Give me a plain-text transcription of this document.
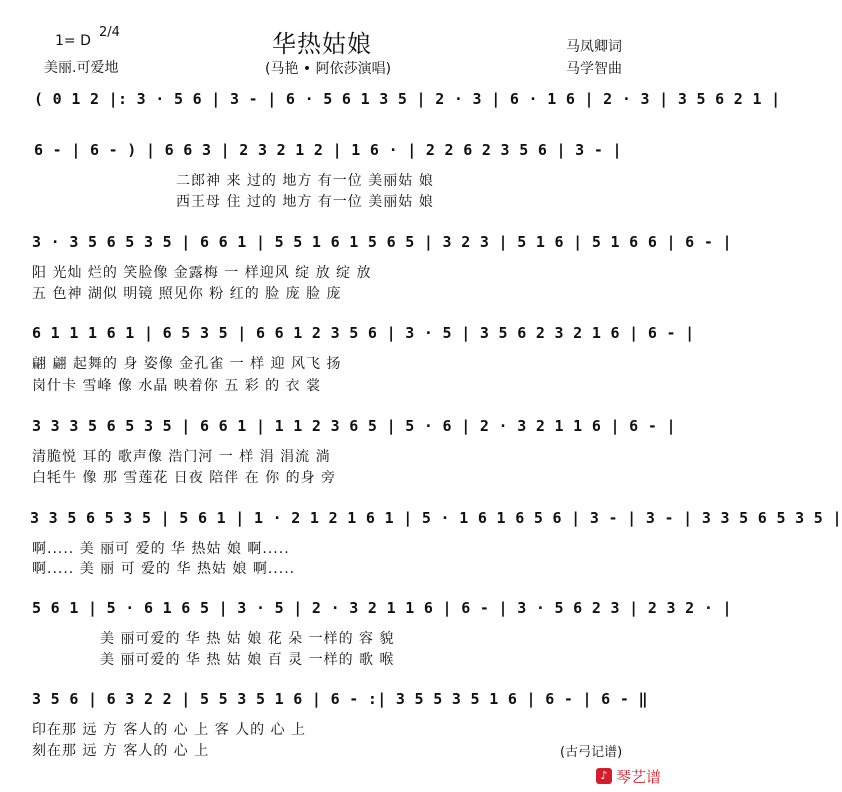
1= D
2/4
美丽.可爱地
华热姑娘
(马艳 • 阿依莎演唱)
马凤卿词
马学智曲
( 0 1 2 |: 3 · 5 6 | 3 - | 6 · 5 6 1 3 5 | 2 · 3 | 6 · 1 6 | 2 · 3 | 3 5 6 2 1 |
6 - | 6 - ) | 6 6 3 | 2 3 2 1 2 | 1 6 · | 2 2 6 2 3 5 6 | 3 - |
二郎神 来 过的 地方 有一位 美丽姑 娘
西王母 住 过的 地方 有一位 美丽姑 娘
3 · 3 5 6 5 3 5 | 6 6 1 | 5 5 1 6 1 5 6 5 | 3 2 3 | 5 1 6 | 5 1 6 6 | 6 - |
阳 光灿 烂的 笑脸像 金露梅 一 样迎风 绽 放 绽 放
五 色神 湖似 明镜 照见你 粉 红的 脸 庞 脸 庞
6 1 1 1 6 1 | 6 5 3 5 | 6 6 1 2 3 5 6 | 3 · 5 | 3 5 6 2 3 2 1 6 | 6 - |
翩 翩 起舞的 身 姿像 金孔雀 一 样 迎 风飞 扬
岗什卡 雪峰 像 水晶 映着你 五 彩 的 衣 裳
3 3 3 5 6 5 3 5 | 6 6 1 | 1 1 2 3 6 5 | 5 · 6 | 2 · 3 2 1 1 6 | 6 - |
清脆悦 耳的 歌声像 浩门河 一 样 涓 涓流 淌
白牦牛 像 那 雪莲花 日夜 陪伴 在 你 的身 旁
3 3 5 6 5 3 5 | 5 6 1 | 1 · 2 1 2 1 6 1 | 5 · 1 6 1 6 5 6 | 3 - | 3 - | 3 3 5 6 5 3 5 |
啊..... 美 丽可 爱的 华 热姑 娘 啊.....
啊..... 美 丽 可 爱的 华 热姑 娘 啊.....
5 6 1 | 5 · 6 1 6 5 | 3 · 5 | 2 · 3 2 1 1 6 | 6 - | 3 · 5 6 2 3 | 2 3 2 · |
美 丽可爱的 华 热 姑 娘 花 朵 一样的 容 貌
美 丽可爱的 华 热 姑 娘 百 灵 一样的 歌 喉
3 5 6 | 6 3 2 2 | 5 5 3 5 1 6 | 6 - :| 3 5 5 3 5 1 6 | 6 - | 6 - ‖
印在那 远 方 客人的 心 上 客 人的 心 上
刻在那 远 方 客人的 心 上	(古弓记谱)
♪ 琴艺谱
